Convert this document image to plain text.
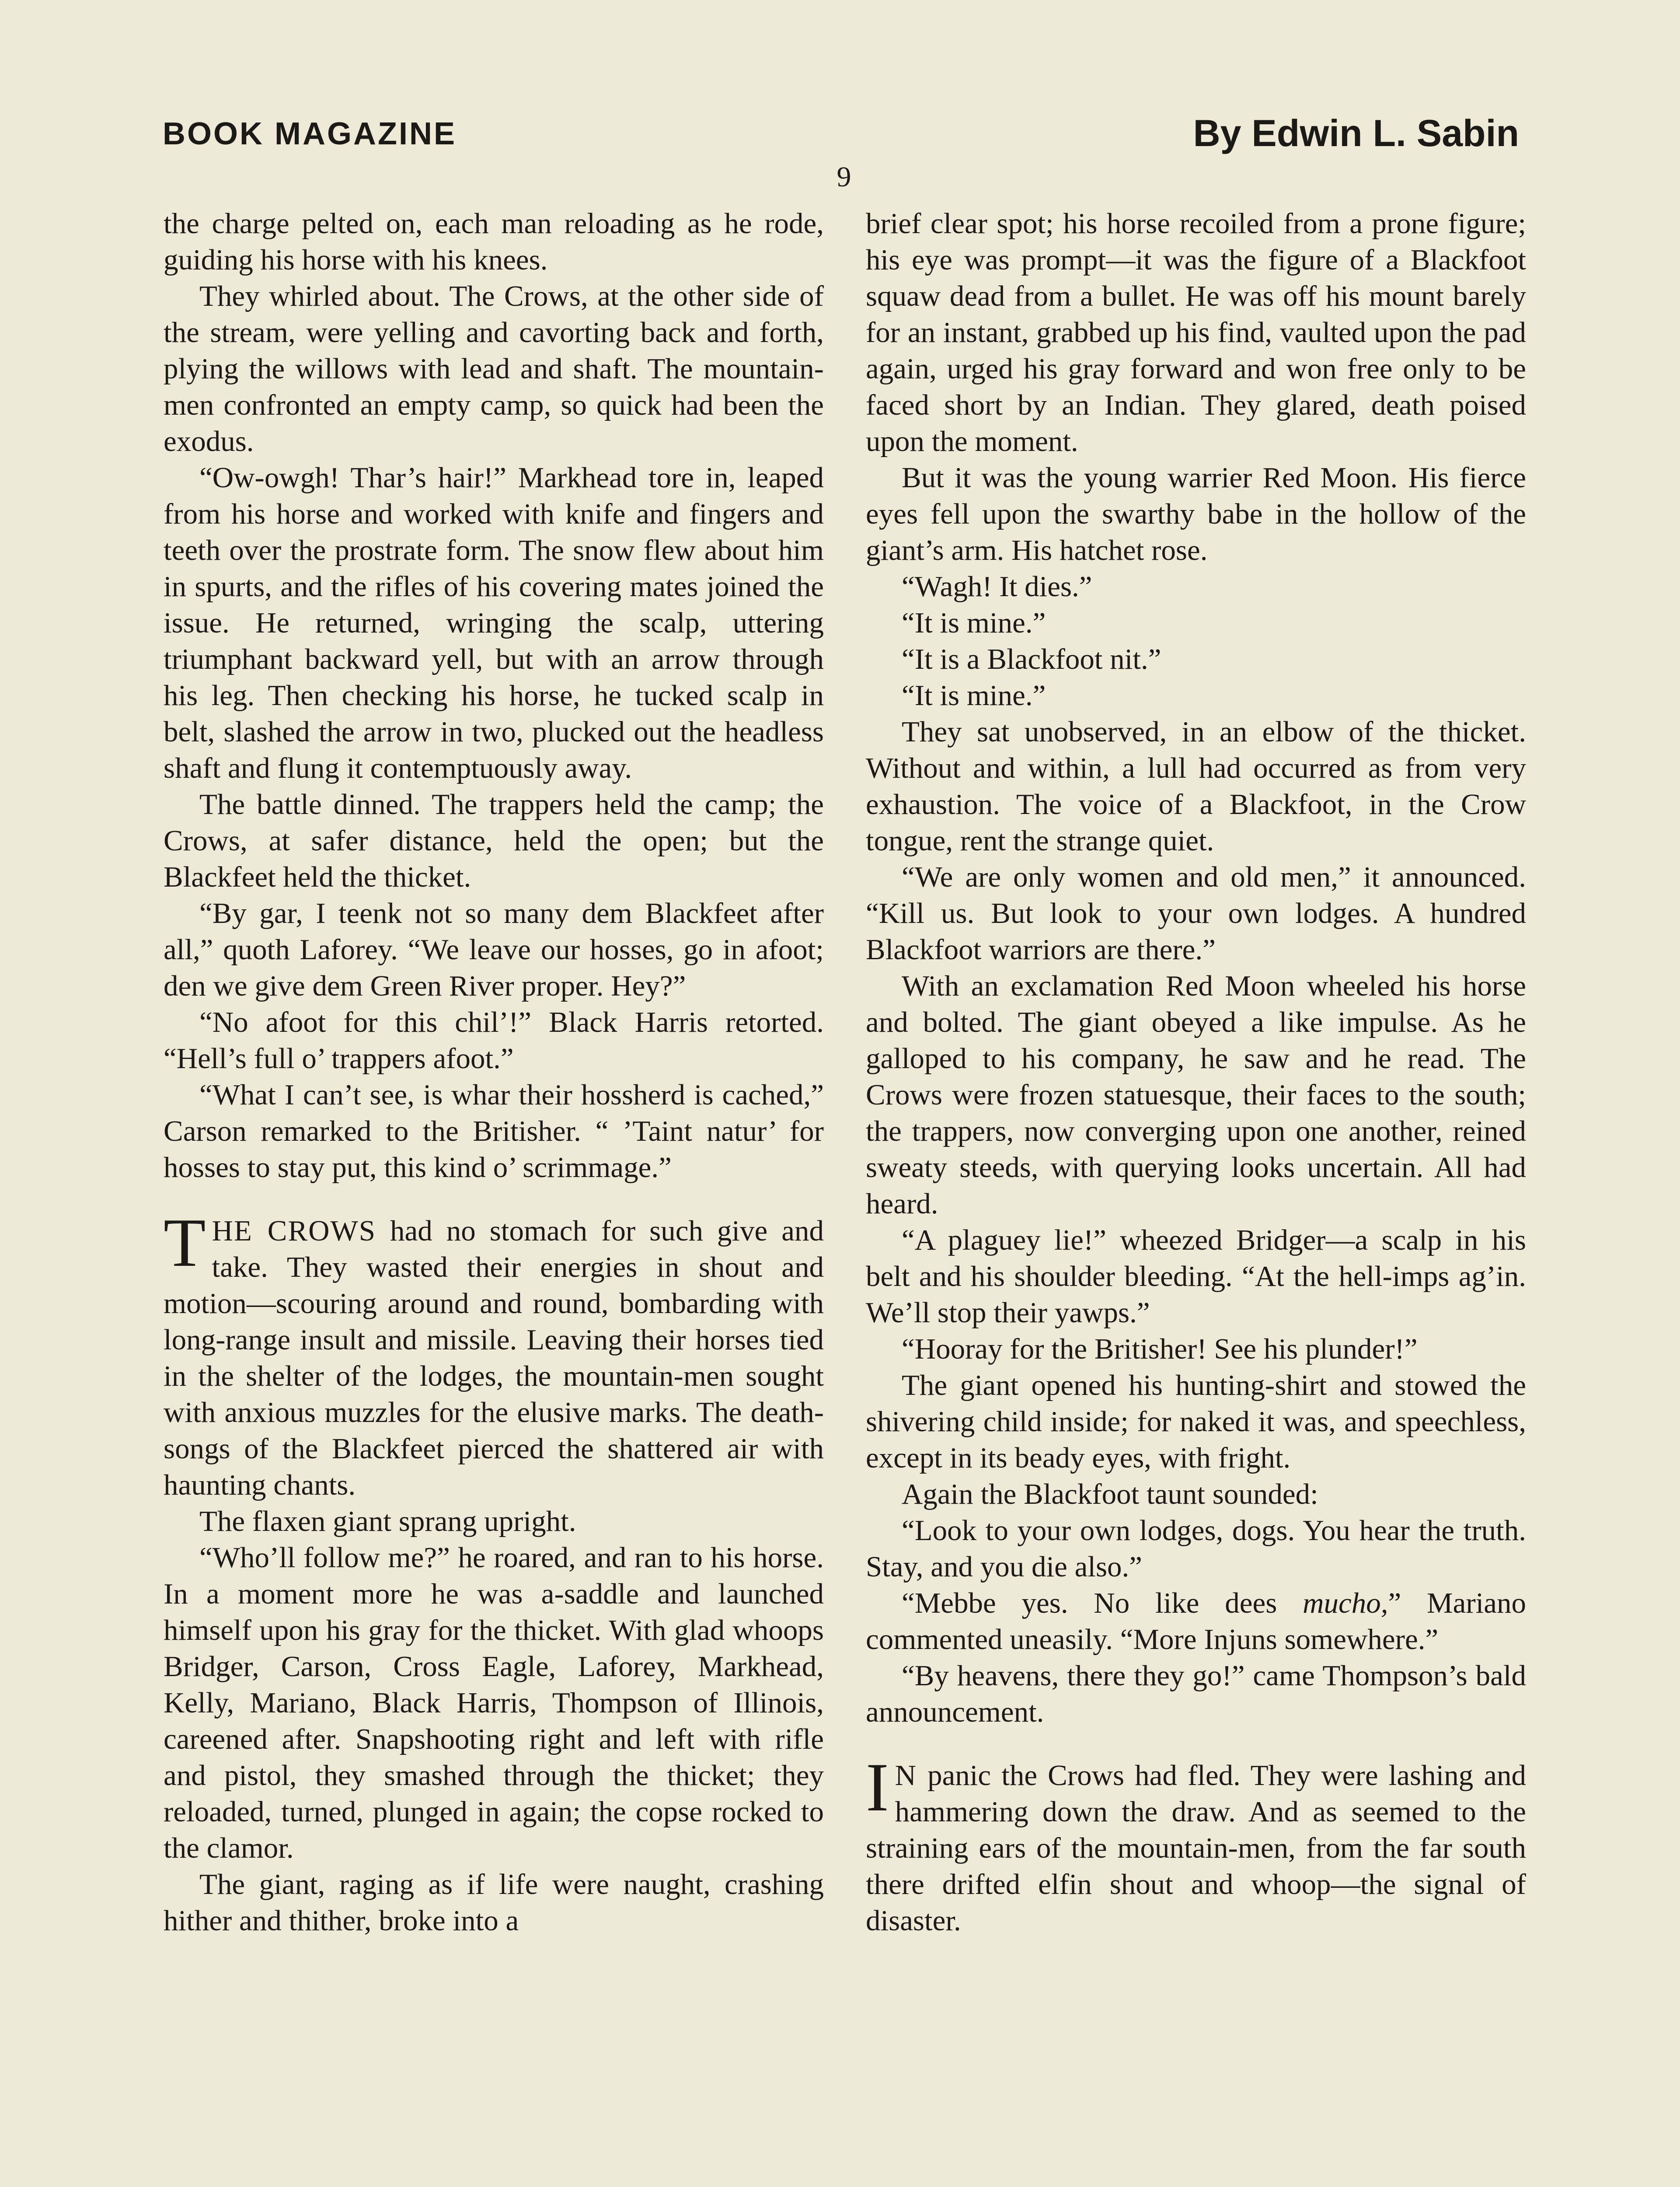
BOOK MAGAZINE	By Edwin L. Sabin
9

the charge pelted on, each man reloading as he rode, guiding his horse with his knees.

They whirled about. The Crows, at the other side of the stream, were yelling and cavorting back and forth, plying the willows with lead and shaft. The mountain-men confronted an empty camp, so quick had been the exodus.

“Ow-owgh! Thar’s hair!” Markhead tore in, leaped from his horse and worked with knife and fingers and teeth over the prostrate form. The snow flew about him in spurts, and the rifles of his covering mates joined the issue. He returned, wringing the scalp, uttering triumphant backward yell, but with an arrow through his leg. Then checking his horse, he tucked scalp in belt, slashed the arrow in two, plucked out the headless shaft and flung it contemptuously away.

The battle dinned. The trappers held the camp; the Crows, at safer distance, held the open; but the Blackfeet held the thicket.

“By gar, I teenk not so many dem Blackfeet after all,” quoth Laforey. “We leave our hosses, go in afoot; den we give dem Green River proper. Hey?”

“No afoot for this chil’!” Black Harris retorted. “Hell’s full o’ trappers afoot.”

“What I can’t see, is whar their hossherd is cached,” Carson remarked to the Britisher. “ ’Taint natur’ for hosses to stay put, this kind o’ scrimmage.”

THE CROWS had no stomach for such give and take. They wasted their energies in shout and motion—scouring around and round, bombarding with long-range insult and missile. Leaving their horses tied in the shelter of the lodges, the mountain-men sought with anxious muzzles for the elusive marks. The death-songs of the Blackfeet pierced the shattered air with haunting chants.

The flaxen giant sprang upright.

“Who’ll follow me?” he roared, and ran to his horse. In a moment more he was a-saddle and launched himself upon his gray for the thicket. With glad whoops Bridger, Carson, Cross Eagle, Laforey, Markhead, Kelly, Mariano, Black Harris, Thompson of Illinois, careened after. Snapshooting right and left with rifle and pistol, they smashed through the thicket; they reloaded, turned, plunged in again; the copse rocked to the clamor.

The giant, raging as if life were naught, crashing hither and thither, broke into a

brief clear spot; his horse recoiled from a prone figure; his eye was prompt—it was the figure of a Blackfoot squaw dead from a bullet. He was off his mount barely for an instant, grabbed up his find, vaulted upon the pad again, urged his gray forward and won free only to be faced short by an Indian. They glared, death poised upon the moment.

But it was the young warrier Red Moon. His fierce eyes fell upon the swarthy babe in the hollow of the giant’s arm. His hatchet rose.

“Wagh! It dies.”

“It is mine.”

“It is a Blackfoot nit.”

“It is mine.”

They sat unobserved, in an elbow of the thicket. Without and within, a lull had occurred as from very exhaustion. The voice of a Blackfoot, in the Crow tongue, rent the strange quiet.

“We are only women and old men,” it announced. “Kill us. But look to your own lodges. A hundred Blackfoot warriors are there.”

With an exclamation Red Moon wheeled his horse and bolted. The giant obeyed a like impulse. As he galloped to his company, he saw and he read. The Crows were frozen statuesque, their faces to the south; the trappers, now converging upon one another, reined sweaty steeds, with querying looks uncertain. All had heard.

“A plaguey lie!” wheezed Bridger—a scalp in his belt and his shoulder bleeding. “At the hell-imps ag’in. We’ll stop their yawps.”

“Hooray for the Britisher! See his plunder!”

The giant opened his hunting-shirt and stowed the shivering child inside; for naked it was, and speechless, except in its beady eyes, with fright.

Again the Blackfoot taunt sounded:

“Look to your own lodges, dogs. You hear the truth. Stay, and you die also.”

“Mebbe yes. No like dees mucho,” Mariano commented uneasily. “More Injuns somewhere.”

“By heavens, there they go!” came Thompson’s bald announcement.

I N panic the Crows had fled. They were lashing and hammering down the draw. And as seemed to the straining ears of the mountain-men, from the far south there drifted elfin shout and whoop—the signal of disaster.
